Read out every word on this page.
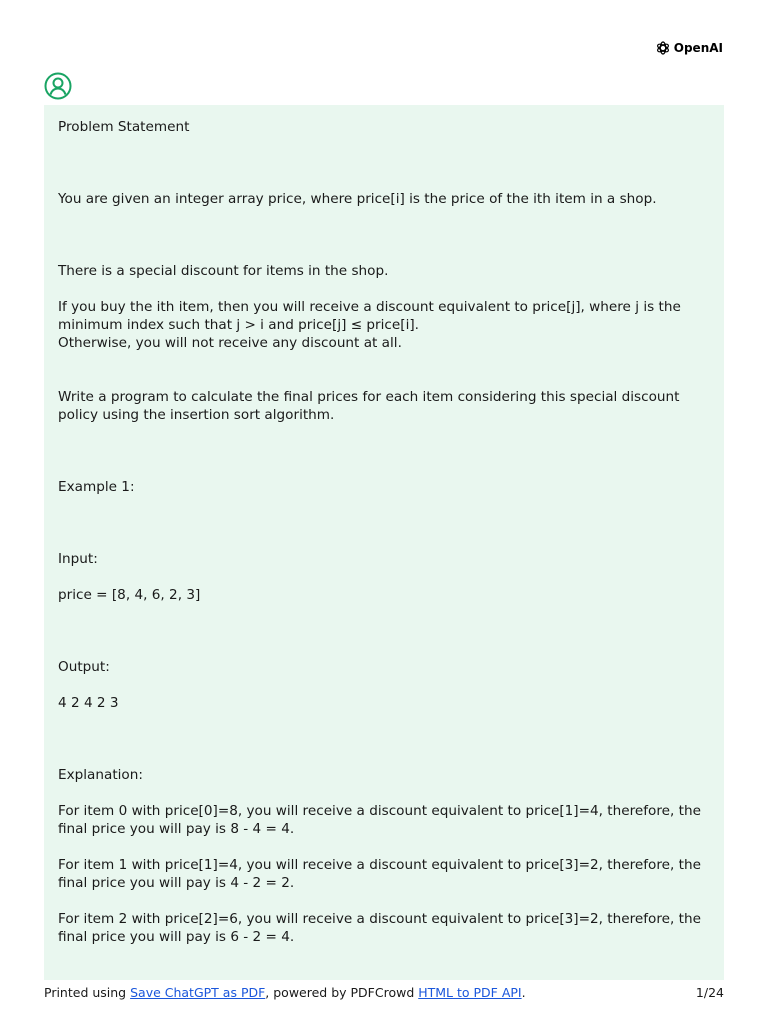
OpenAI

Problem Statement

You are given an integer array price, where price[i] is the price of the ith item in a shop.

There is a special discount for items in the shop.

If you buy the ith item, then you will receive a discount equivalent to price[j], where j is the minimum index such that j > i and price[j] ≤ price[i].

Otherwise, you will not receive any discount at all.

Write a program to calculate the final prices for each item considering this special discount policy using the insertion sort algorithm.

Example 1:

Input:

price = [8, 4, 6, 2, 3]

Output:

4 2 4 2 3

Explanation:

For item 0 with price[0]=8, you will receive a discount equivalent to price[1]=4, therefore, the final price you will pay is 8 - 4 = 4.

For item 1 with price[1]=4, you will receive a discount equivalent to price[3]=2, therefore, the final price you will pay is 4 - 2 = 2.

For item 2 with price[2]=6, you will receive a discount equivalent to price[3]=2, therefore, the final price you will pay is 6 - 2 = 4.

Printed using Save ChatGPT as PDF, powered by PDFCrowd HTML to PDF API.	1/24
